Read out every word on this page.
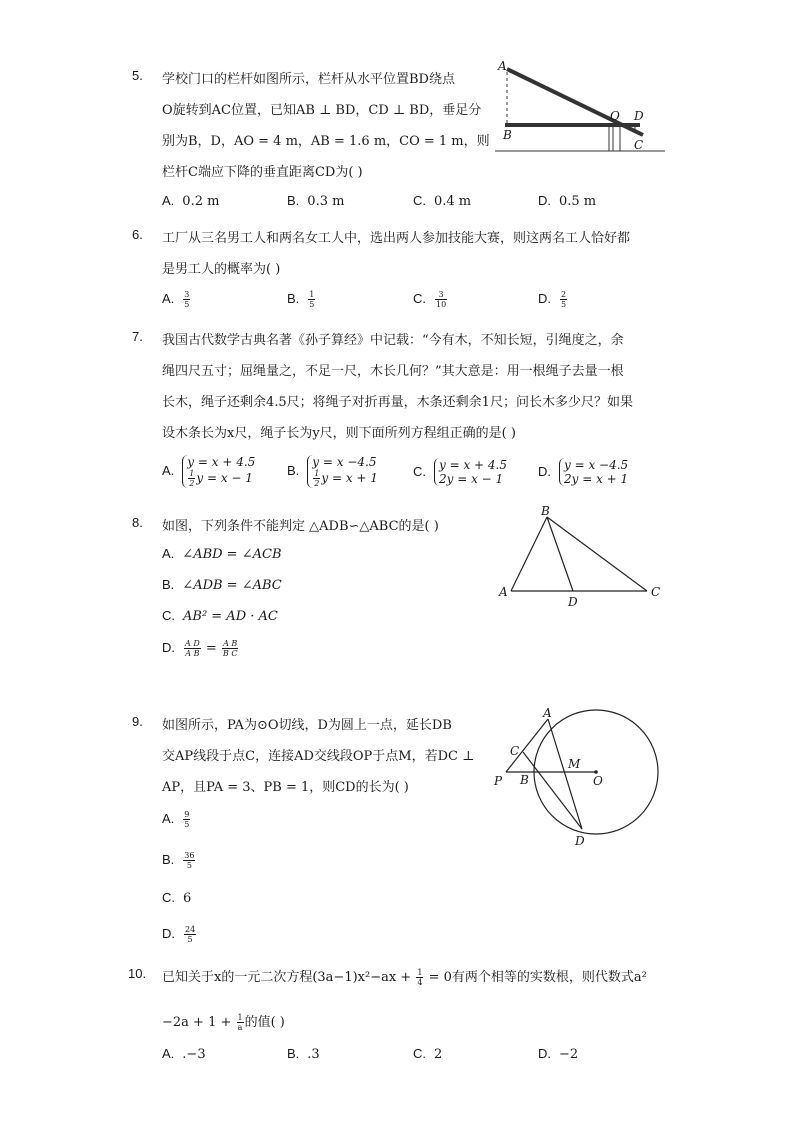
5. 学校门口的栏杆如图所示，栏杆从水平位置BD绕点
O旋转到AC位置，已知AB ⊥ BD，CD ⊥ BD，垂足分
别为B，D，AO = 4 m，AB = 1.6 m，CO = 1 m，则
栏杆C端应下降的垂直距离CD为( )
A. 0.2 m	B. 0.3 m	C. 0.4 m	D. 0.5 m
A
O D
B
C
6. 工厂从三名男工人和两名女工人中，选出两人参加技能大赛，则这两名工人恰好都
是男工人的概率为( )
A. $\frac{3}{5}$	B. $\frac{1}{5}$	C. $\frac{3}{10}$	D. $\frac{2}{5}$
7. 我国古代数学古典名著《孙子算经》中记载：“今有木，不知长短，引绳度之，余
绳四尺五寸；屈绳量之，不足一尺，木长几何？”其大意是：用一根绳子去量一根
长木，绳子还剩余4.5尺；将绳子对折再量，木条还剩余1尺；问长木多少尺？如果
设木条长为x尺，绳子长为y尺，则下面所列方程组正确的是( )
A.y = x + 4.5

$\frac{1}{2}$ y = x − 1	B.y = x −4.5

$\frac{1}{2}$ y = x + 1	C. y = x + 4.5
2y = x − 1
D. y = x −4.5
2y = x + 1
8. 如图，下列条件不能判定 △ADB∽△ABC的是( )
A. ∠ABD = ∠ACB
B. ∠ADB = ∠ABC
C. AB² = AD · AC
D. $\frac{\text{A D}}{\text{A B}} = \frac{\text{A B}}{\text{B C}}$
B
A
D
C
9. 如图所示，PA为⊙O切线，D为圆上一点，延长DB
交AP线段于点C，连接AD交线段OP于点M，若DC ⊥
AP，且PA = 3、PB = 1，则CD的长为( )
A. $\frac{9}{5}$
B. $\frac{36}{5}$
C. 6
D. $\frac{24}{5}$
A
C
M
P B	O
D
10. 已知关于x的一元二次方程$(3a-1)x^2-ax + \frac{1}{4} = 0$有两个相等的实数根，则代数式a²
$-2a + 1 + \frac{1}{a}$ 的值( )
A. .−3	B. .3	C. 2	D. −2
